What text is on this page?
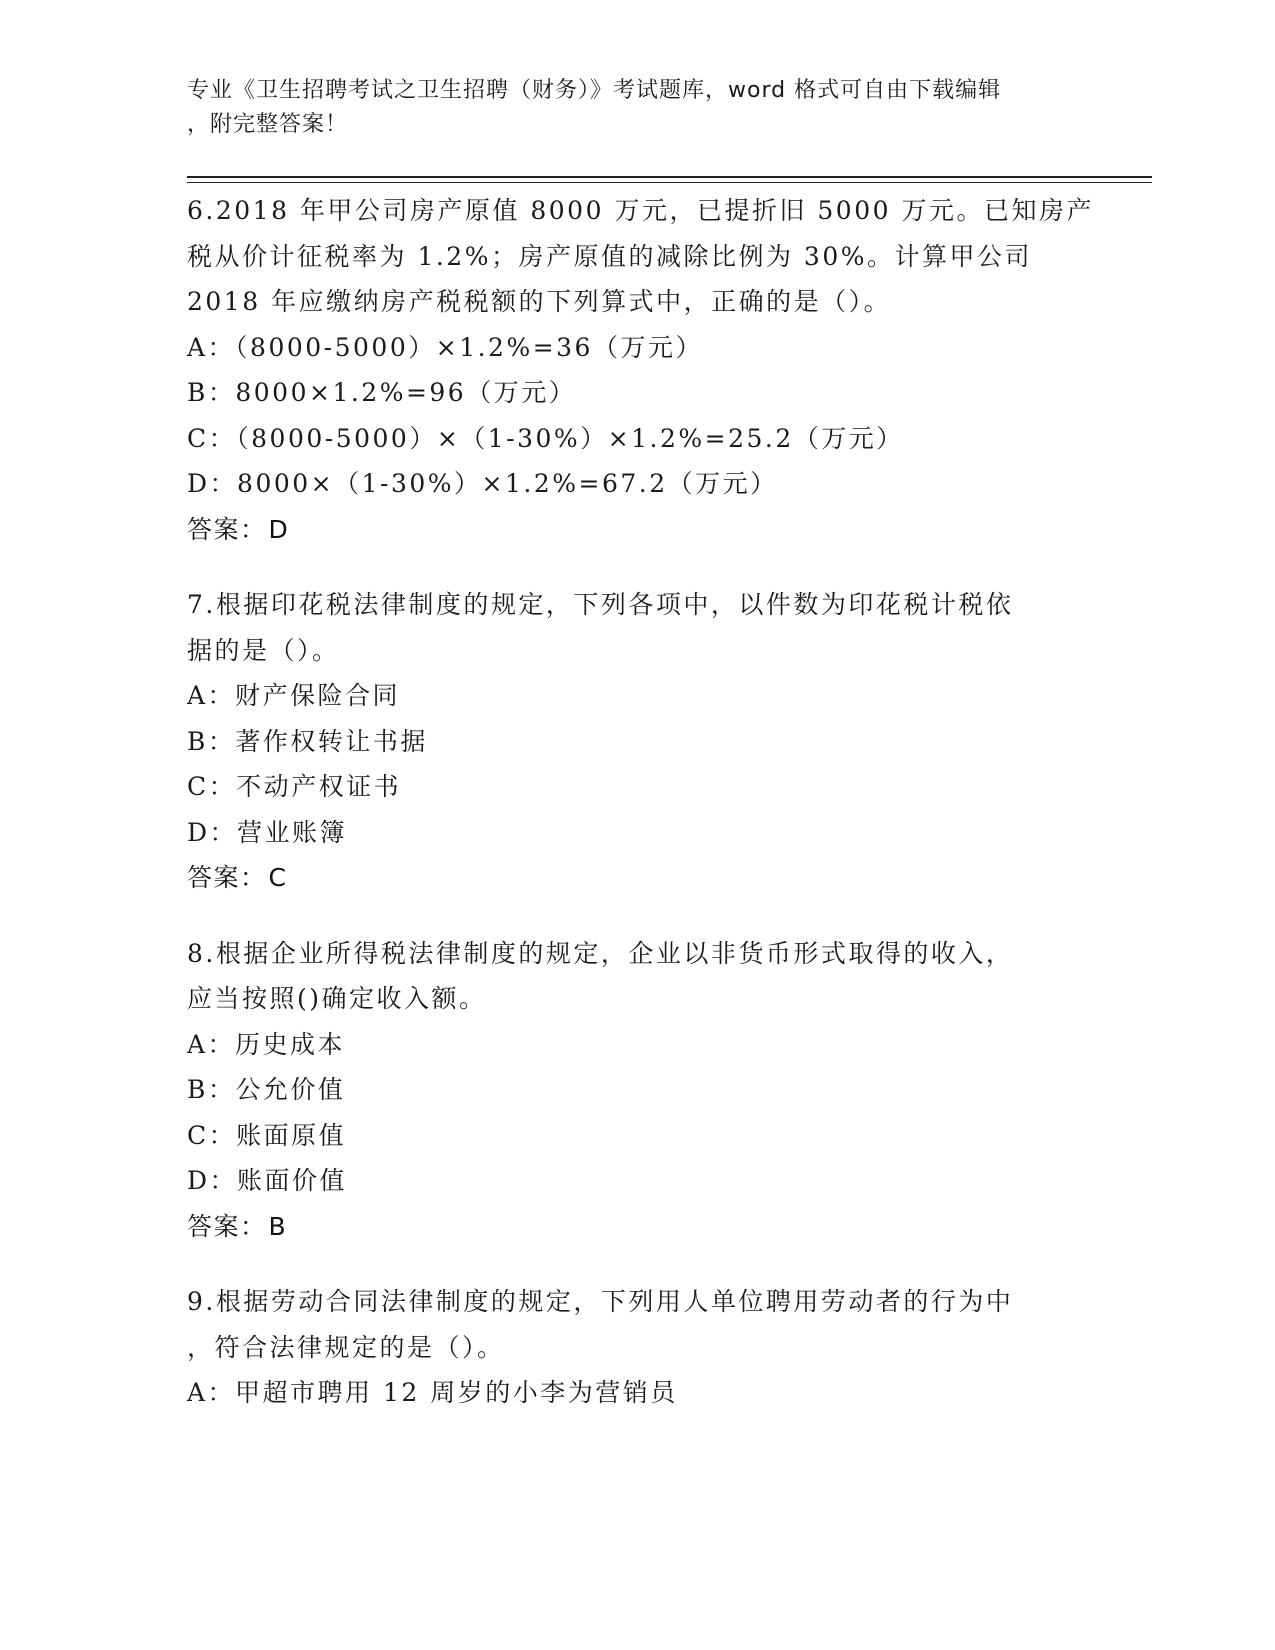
专业《卫生招聘考试之卫生招聘（财务）》考试题库，word 格式可自由下载编辑
，附完整答案！
6.2018 年甲公司房产原值 8000 万元，已提折旧 5000 万元。已知房产
税从价计征税率为 1.2%；房产原值的减除比例为 30%。计算甲公司
2018 年应缴纳房产税税额的下列算式中，正确的是（）。
A：（8000-5000）×1.2%=36（万元）
B：8000×1.2%=96（万元）
C：（8000-5000）×（1-30%）×1.2%=25.2（万元）
D：8000×（1-30%）×1.2%=67.2（万元）
答案：D
7.根据印花税法律制度的规定，下列各项中，以件数为印花税计税依
据的是（）。
A：财产保险合同
B：著作权转让书据
C：不动产权证书
D：营业账簿
答案：C
8.根据企业所得税法律制度的规定，企业以非货币形式取得的收入，
应当按照()确定收入额。
A：历史成本
B：公允价值
C：账面原值
D：账面价值
答案：B
9.根据劳动合同法律制度的规定，下列用人单位聘用劳动者的行为中
，符合法律规定的是（）。
A：甲超市聘用 12 周岁的小李为营销员
